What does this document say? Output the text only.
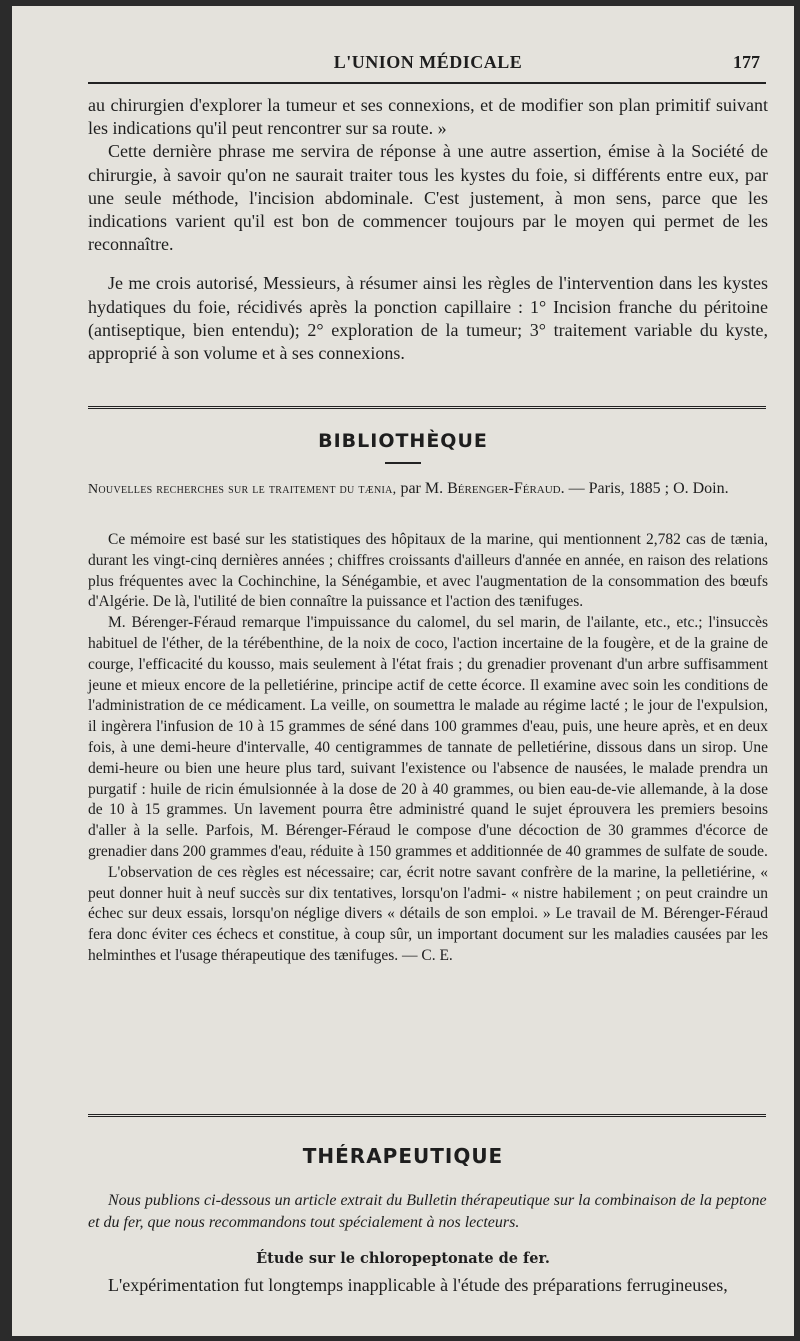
L'UNION MÉDICALE	177

au chirurgien d'explorer la tumeur et ses connexions, et de modifier son plan primitif suivant les indications qu'il peut rencontrer sur sa route. »

Cette dernière phrase me servira de réponse à une autre assertion, émise à la Société de chirurgie, à savoir qu'on ne saurait traiter tous les kystes du foie, si différents entre eux, par une seule méthode, l'incision abdominale. C'est justement, à mon sens, parce que les indications varient qu'il est bon de commencer toujours par le moyen qui permet de les reconnaître.

Je me crois autorisé, Messieurs, à résumer ainsi les règles de l'intervention dans les kystes hydatiques du foie, récidivés après la ponction capillaire : 1° Incision franche du péritoine (antiseptique, bien entendu); 2° exploration de la tumeur; 3° traitement variable du kyste, approprié à son volume et à ses connexions.

BIBLIOTHÈQUE
Nouvelles recherches sur le traitement du tænia, par M. Bérenger-Féraud. — Paris, 1885 ; O. Doin.

Ce mémoire est basé sur les statistiques des hôpitaux de la marine, qui mentionnent 2,782 cas de tænia, durant les vingt-cinq dernières années ; chiffres croissants d'ailleurs d'année en année, en raison des relations plus fréquentes avec la Cochinchine, la Sénégambie, et avec l'augmentation de la consommation des bœufs d'Algérie. De là, l'utilité de bien connaître la puissance et l'action des tænifuges.

M. Bérenger-Féraud remarque l'impuissance du calomel, du sel marin, de l'ailante, etc., etc.; l'insuccès habituel de l'éther, de la térébenthine, de la noix de coco, l'action incertaine de la fougère, et de la graine de courge, l'efficacité du kousso, mais seulement à l'état frais ; du grenadier provenant d'un arbre suffisamment jeune et mieux encore de la pelletiérine, principe actif de cette écorce. Il examine avec soin les conditions de l'administration de ce médicament. La veille, on soumettra le malade au régime lacté ; le jour de l'expulsion, il ingèrera l'infusion de 10 à 15 grammes de séné dans 100 grammes d'eau, puis, une heure après, et en deux fois, à une demi-heure d'intervalle, 40 centigrammes de tannate de pelletiérine, dissous dans un sirop. Une demi-heure ou bien une heure plus tard, suivant l'existence ou l'absence de nausées, le malade prendra un purgatif : huile de ricin émulsionnée à la dose de 20 à 40 grammes, ou bien eau-de-vie allemande, à la dose de 10 à 15 grammes. Un lavement pourra être administré quand le sujet éprouvera les premiers besoins d'aller à la selle. Parfois, M. Bérenger-Féraud le compose d'une décoction de 30 grammes d'écorce de grenadier dans 200 grammes d'eau, réduite à 150 grammes et additionnée de 40 grammes de sulfate de soude.

L'observation de ces règles est nécessaire; car, écrit notre savant confrère de la marine, la pelletiérine, « peut donner huit à neuf succès sur dix tentatives, lorsqu'on l'admi- « nistre habilement ; on peut craindre un échec sur deux essais, lorsqu'on néglige divers « détails de son emploi. » Le travail de M. Bérenger-Féraud fera donc éviter ces échecs et constitue, à coup sûr, un important document sur les maladies causées par les helminthes et l'usage thérapeutique des tænifuges. — C. E.

THÉRAPEUTIQUE
Nous publions ci-dessous un article extrait du Bulletin thérapeutique sur la combinaison de la peptone et du fer, que nous recommandons tout spécialement à nos lecteurs.
Étude sur le chloropeptonate de fer.
L'expérimentation fut longtemps inapplicable à l'étude des préparations ferrugineuses,
